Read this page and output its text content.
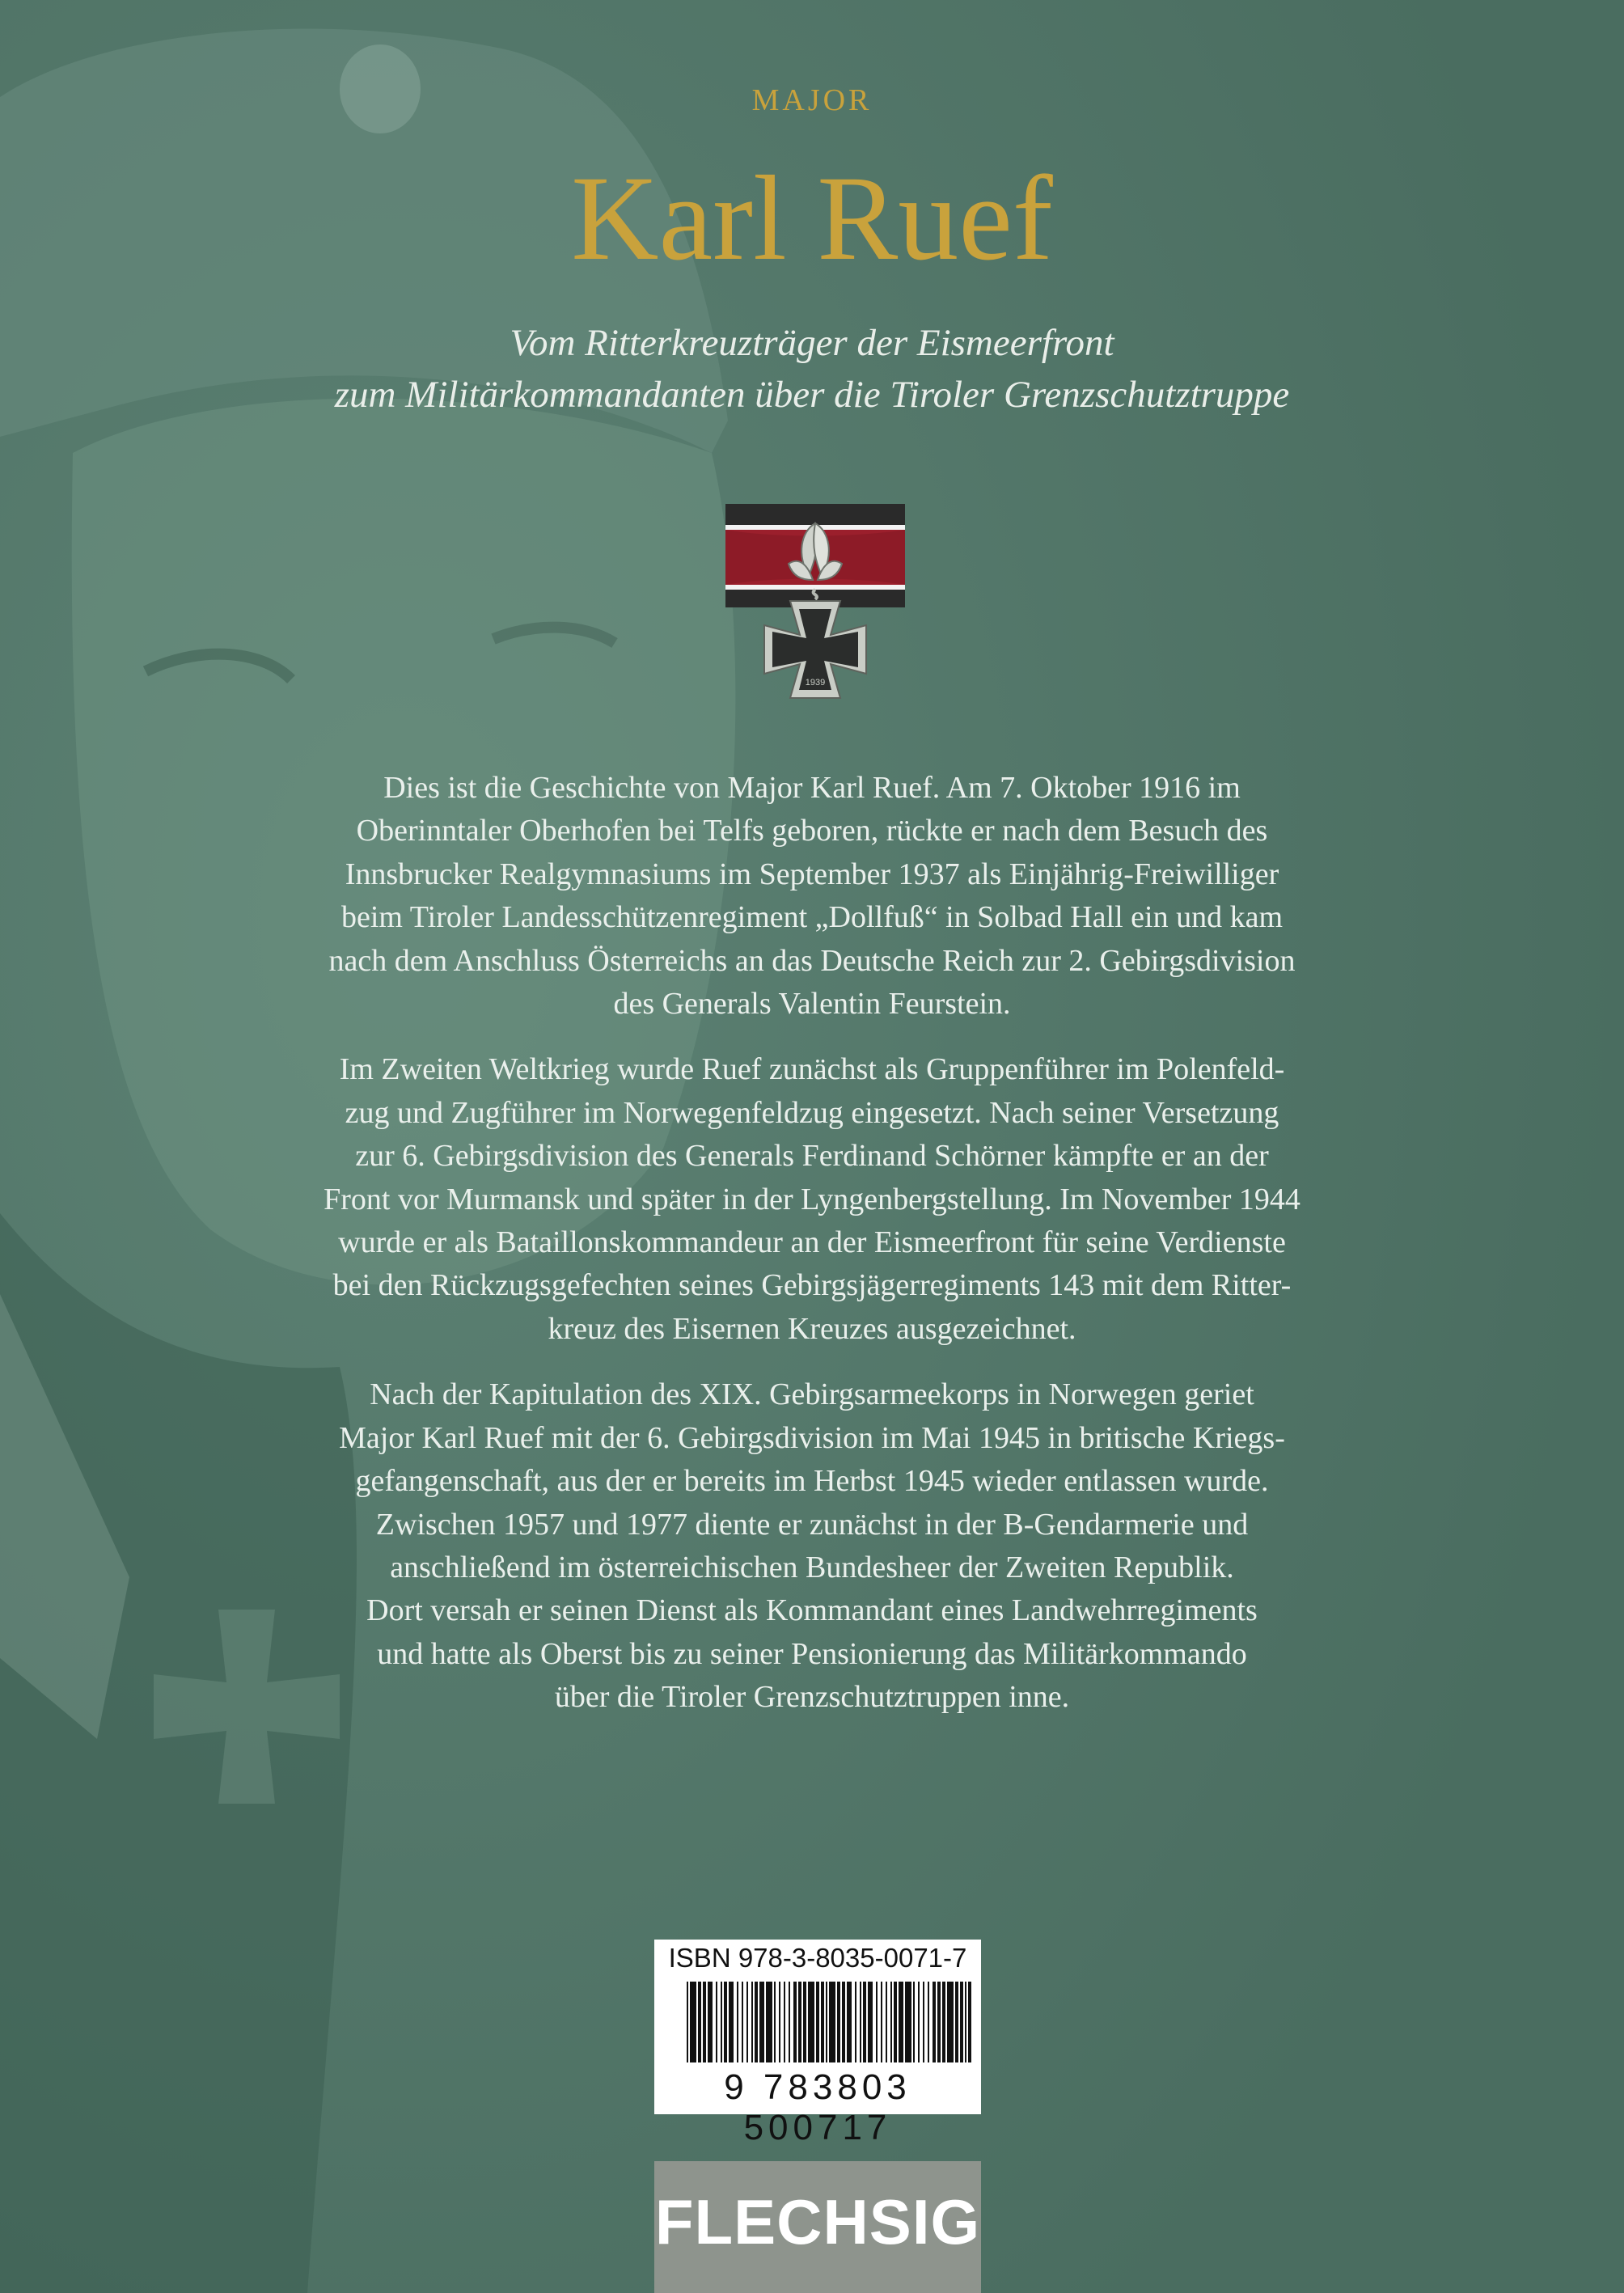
MAJOR
Karl Ruef
Vom Ritterkreuzträger der Eismeerfront
zum Militärkommandanten über die Tiroler Grenzschutztruppe
1939
Dies ist die Geschichte von Major Karl Ruef. Am 7. Oktober 1916 im
Oberinntaler Oberhofen bei Telfs geboren, rückte er nach dem Besuch des
Innsbrucker Realgymnasiums im September 1937 als Einjährig-Freiwilliger
beim Tiroler Landesschützenregiment „Dollfuß“ in Solbad Hall ein und kam
nach dem Anschluss Österreichs an das Deutsche Reich zur 2. Gebirgsdivision
des Generals Valentin Feurstein.
Im Zweiten Weltkrieg wurde Ruef zunächst als Gruppenführer im Polenfeld-
zug und Zugführer im Norwegenfeldzug eingesetzt. Nach seiner Versetzung
zur 6. Gebirgsdivision des Generals Ferdinand Schörner kämpfte er an der
Front vor Murmansk und später in der Lyngenbergstellung. Im November 1944
wurde er als Bataillonskommandeur an der Eismeerfront für seine Verdienste
bei den Rückzugsgefechten seines Gebirgsjägerregiments 143 mit dem Ritter-
kreuz des Eisernen Kreuzes ausgezeichnet.
Nach der Kapitulation des XIX. Gebirgsarmeekorps in Norwegen geriet
Major Karl Ruef mit der 6. Gebirgsdivision im Mai 1945 in britische Kriegs-
gefangenschaft, aus der er bereits im Herbst 1945 wieder entlassen wurde.
Zwischen 1957 und 1977 diente er zunächst in der B-Gendarmerie und
anschließend im österreichischen Bundesheer der Zweiten Republik.
Dort versah er seinen Dienst als Kommandant eines Landwehrregiments
und hatte als Oberst bis zu seiner Pensionierung das Militärkommando
über die Tiroler Grenzschutztruppen inne.
ISBN 978-3-8035-0071-7
9 783803 500717
FLECHSIG
